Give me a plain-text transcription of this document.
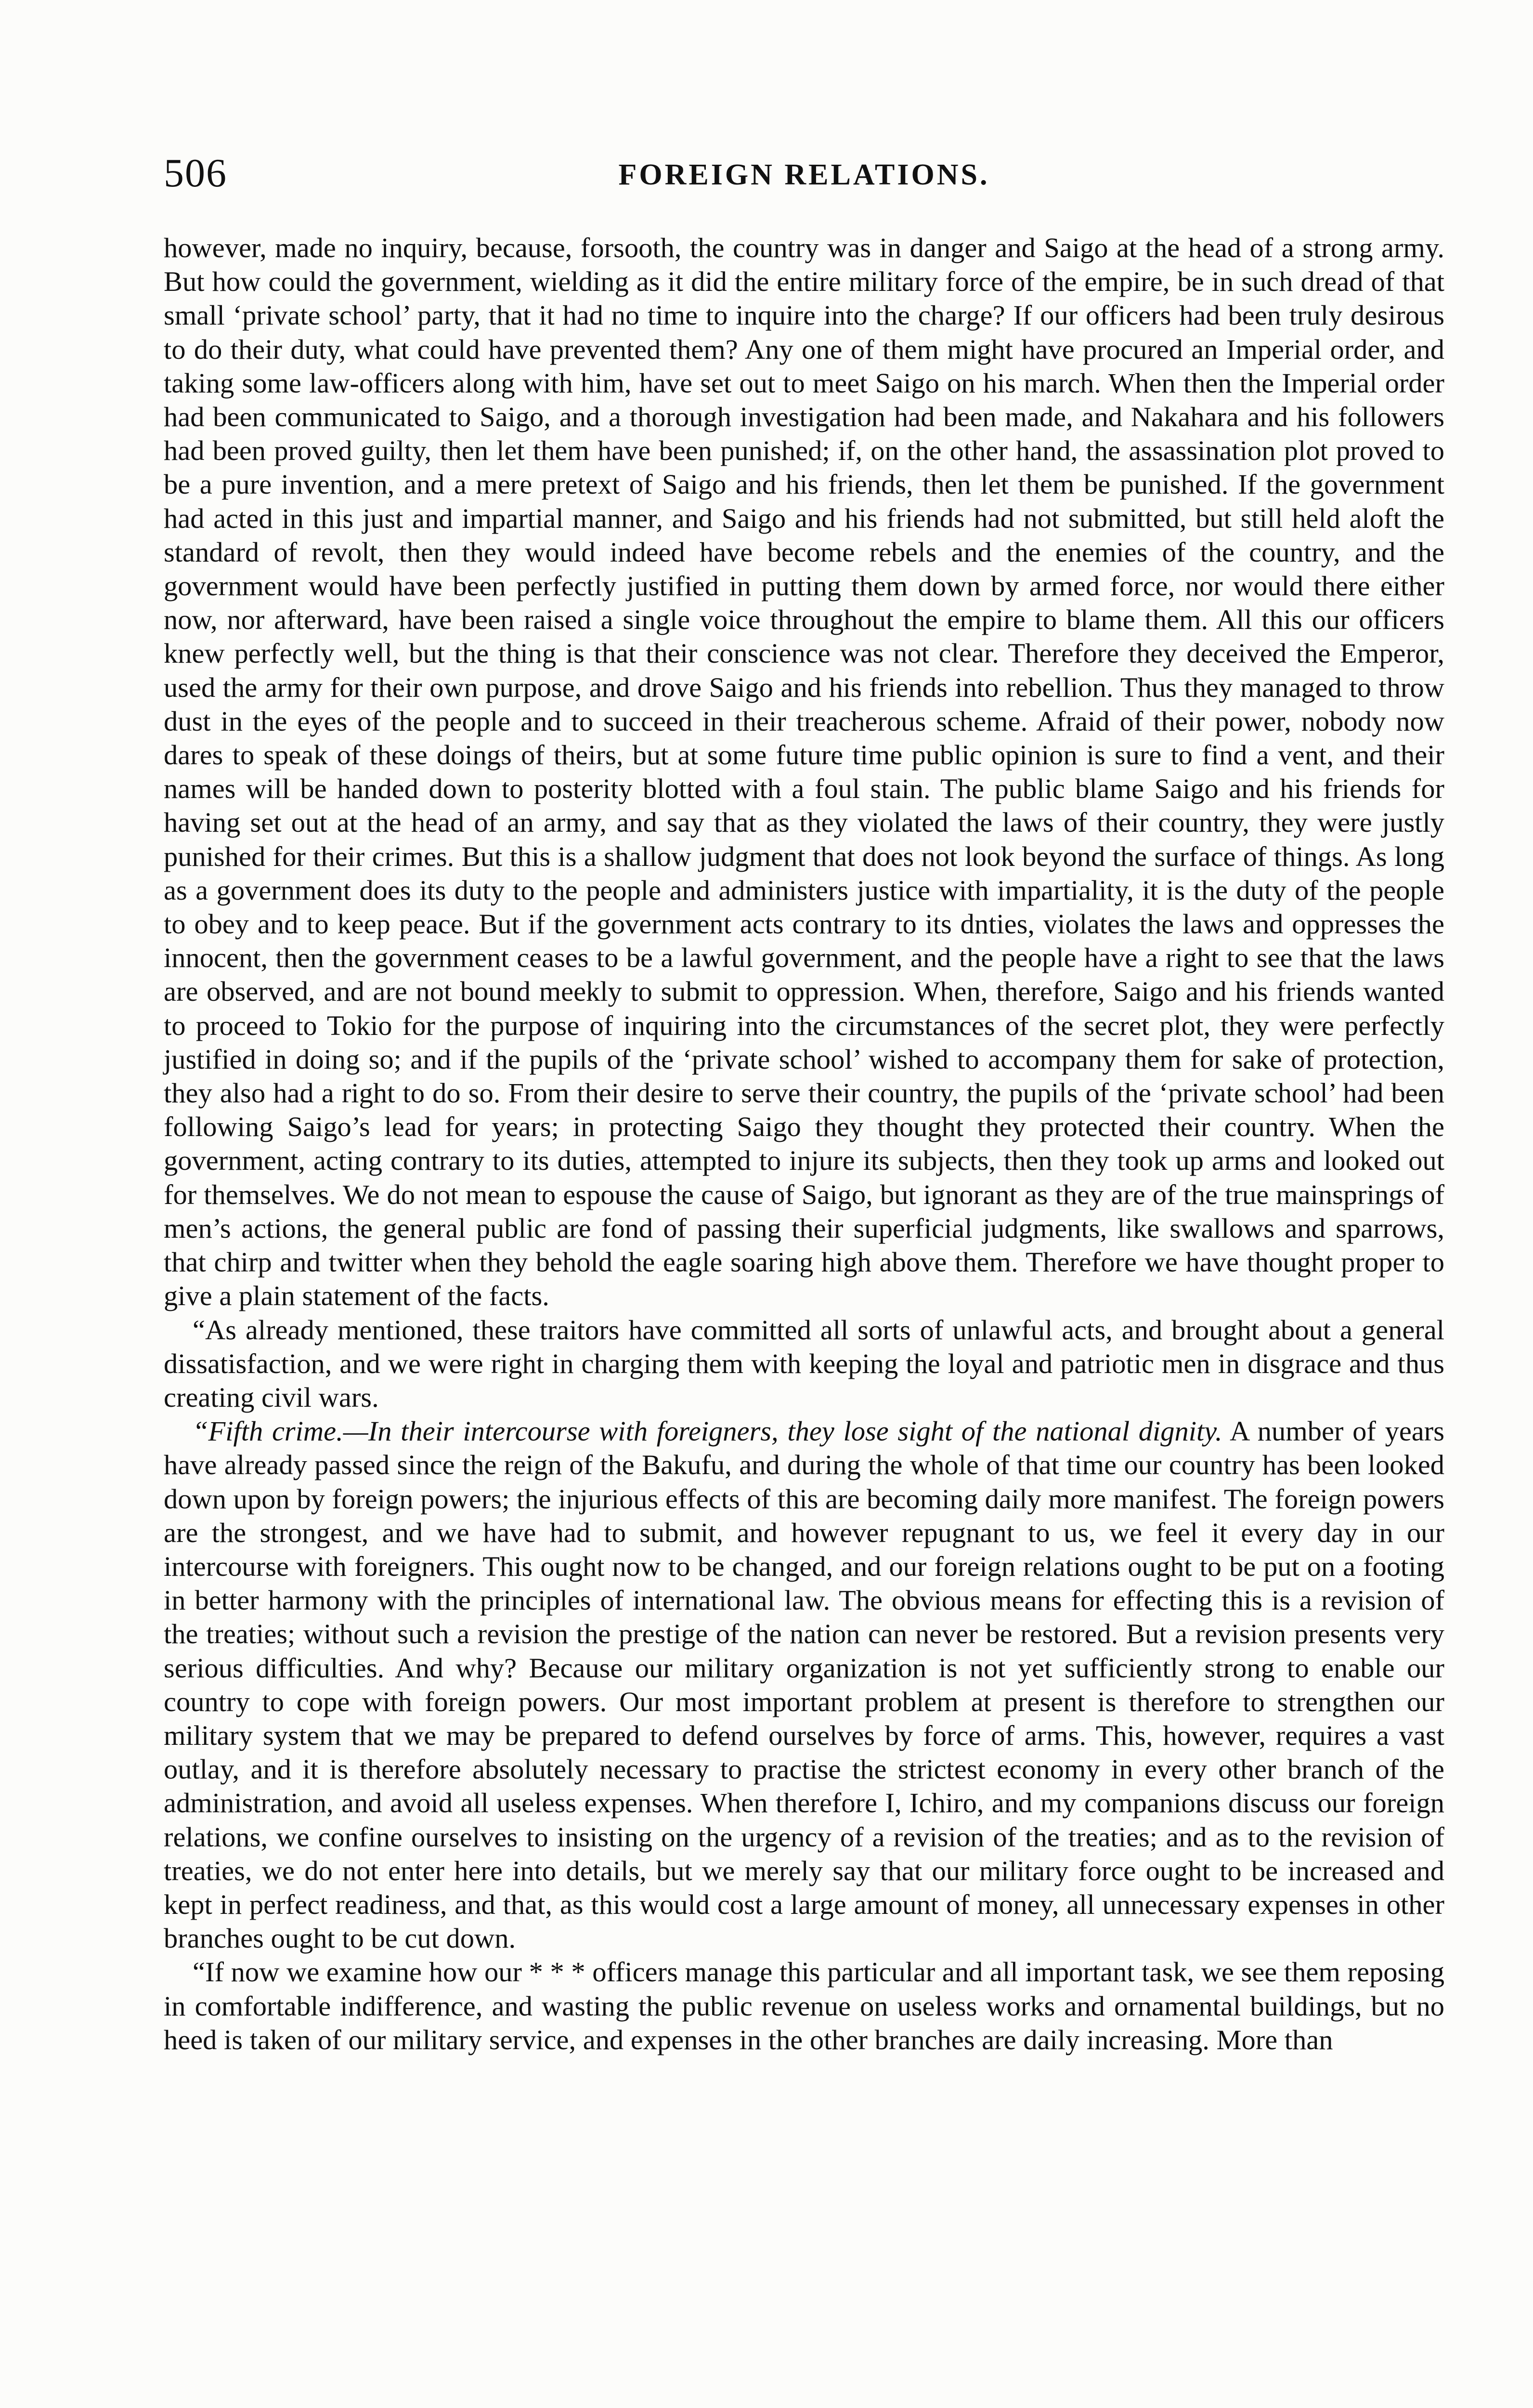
506	FOREIGN RELATIONS.

however, made no inquiry, because, forsooth, the country was in danger and Saigo at the head of a strong army. But how could the government, wielding as it did the entire military force of the empire, be in such dread of that small ‘private school’ party, that it had no time to inquire into the charge? If our officers had been truly desirous to do their duty, what could have prevented them? Any one of them might have procured an Imperial order, and taking some law-officers along with him, have set out to meet Saigo on his march. When then the Imperial order had been communicated to Saigo, and a thorough investigation had been made, and Nakahara and his followers had been proved guilty, then let them have been punished; if, on the other hand, the assassination plot proved to be a pure invention, and a mere pretext of Saigo and his friends, then let them be punished. If the government had acted in this just and impartial manner, and Saigo and his friends had not submitted, but still held aloft the standard of revolt, then they would indeed have become rebels and the enemies of the country, and the government would have been perfectly justified in putting them down by armed force, nor would there either now, nor afterward, have been raised a single voice throughout the empire to blame them. All this our officers knew perfectly well, but the thing is that their conscience was not clear. Therefore they deceived the Emperor, used the army for their own purpose, and drove Saigo and his friends into rebellion. Thus they managed to throw dust in the eyes of the people and to succeed in their treacherous scheme. Afraid of their power, nobody now dares to speak of these doings of theirs, but at some future time public opinion is sure to find a vent, and their names will be handed down to posterity blotted with a foul stain. The public blame Saigo and his friends for having set out at the head of an army, and say that as they violated the laws of their country, they were justly punished for their crimes. But this is a shallow judgment that does not look beyond the surface of things. As long as a government does its duty to the people and administers justice with impartiality, it is the duty of the people to obey and to keep peace. But if the government acts contrary to its dnties, violates the laws and oppresses the innocent, then the government ceases to be a lawful government, and the people have a right to see that the laws are observed, and are not bound meekly to submit to oppression. When, therefore, Saigo and his friends wanted to proceed to Tokio for the purpose of inquiring into the circumstances of the secret plot, they were perfectly justified in doing so; and if the pupils of the ‘private school’ wished to accompany them for sake of protection, they also had a right to do so. From their desire to serve their country, the pupils of the ‘private school’ had been following Saigo’s lead for years; in protecting Saigo they thought they protected their country. When the government, acting contrary to its duties, attempted to injure its subjects, then they took up arms and looked out for themselves. We do not mean to espouse the cause of Saigo, but ignorant as they are of the true mainsprings of men’s actions, the general public are fond of passing their superficial judgments, like swallows and sparrows, that chirp and twitter when they behold the eagle soaring high above them. Therefore we have thought proper to give a plain statement of the facts.

“As already mentioned, these traitors have committed all sorts of unlawful acts, and brought about a general dissatisfaction, and we were right in charging them with keeping the loyal and patriotic men in disgrace and thus creating civil wars.

“Fifth crime.—In their intercourse with foreigners, they lose sight of the national dignity. A number of years have already passed since the reign of the Bakufu, and during the whole of that time our country has been looked down upon by foreign powers; the injurious effects of this are becoming daily more manifest. The foreign powers are the strongest, and we have had to submit, and however repugnant to us, we feel it every day in our intercourse with foreigners. This ought now to be changed, and our foreign relations ought to be put on a footing in better harmony with the principles of international law. The obvious means for effecting this is a revision of the treaties; without such a revision the prestige of the nation can never be restored. But a revision presents very serious difficulties. And why? Because our military organization is not yet sufficiently strong to enable our country to cope with foreign powers. Our most important problem at present is therefore to strengthen our military system that we may be prepared to defend ourselves by force of arms. This, however, requires a vast outlay, and it is therefore absolutely necessary to practise the strictest economy in every other branch of the administration, and avoid all useless expenses. When therefore I, Ichiro, and my companions discuss our foreign relations, we confine ourselves to insisting on the urgency of a revision of the treaties; and as to the revision of treaties, we do not enter here into details, but we merely say that our military force ought to be increased and kept in perfect readiness, and that, as this would cost a large amount of money, all unnecessary expenses in other branches ought to be cut down.

“If now we examine how our * * * officers manage this particular and all important task, we see them reposing in comfortable indifference, and wasting the public revenue on useless works and ornamental buildings, but no heed is taken of our military service, and expenses in the other branches are daily increasing. More than
